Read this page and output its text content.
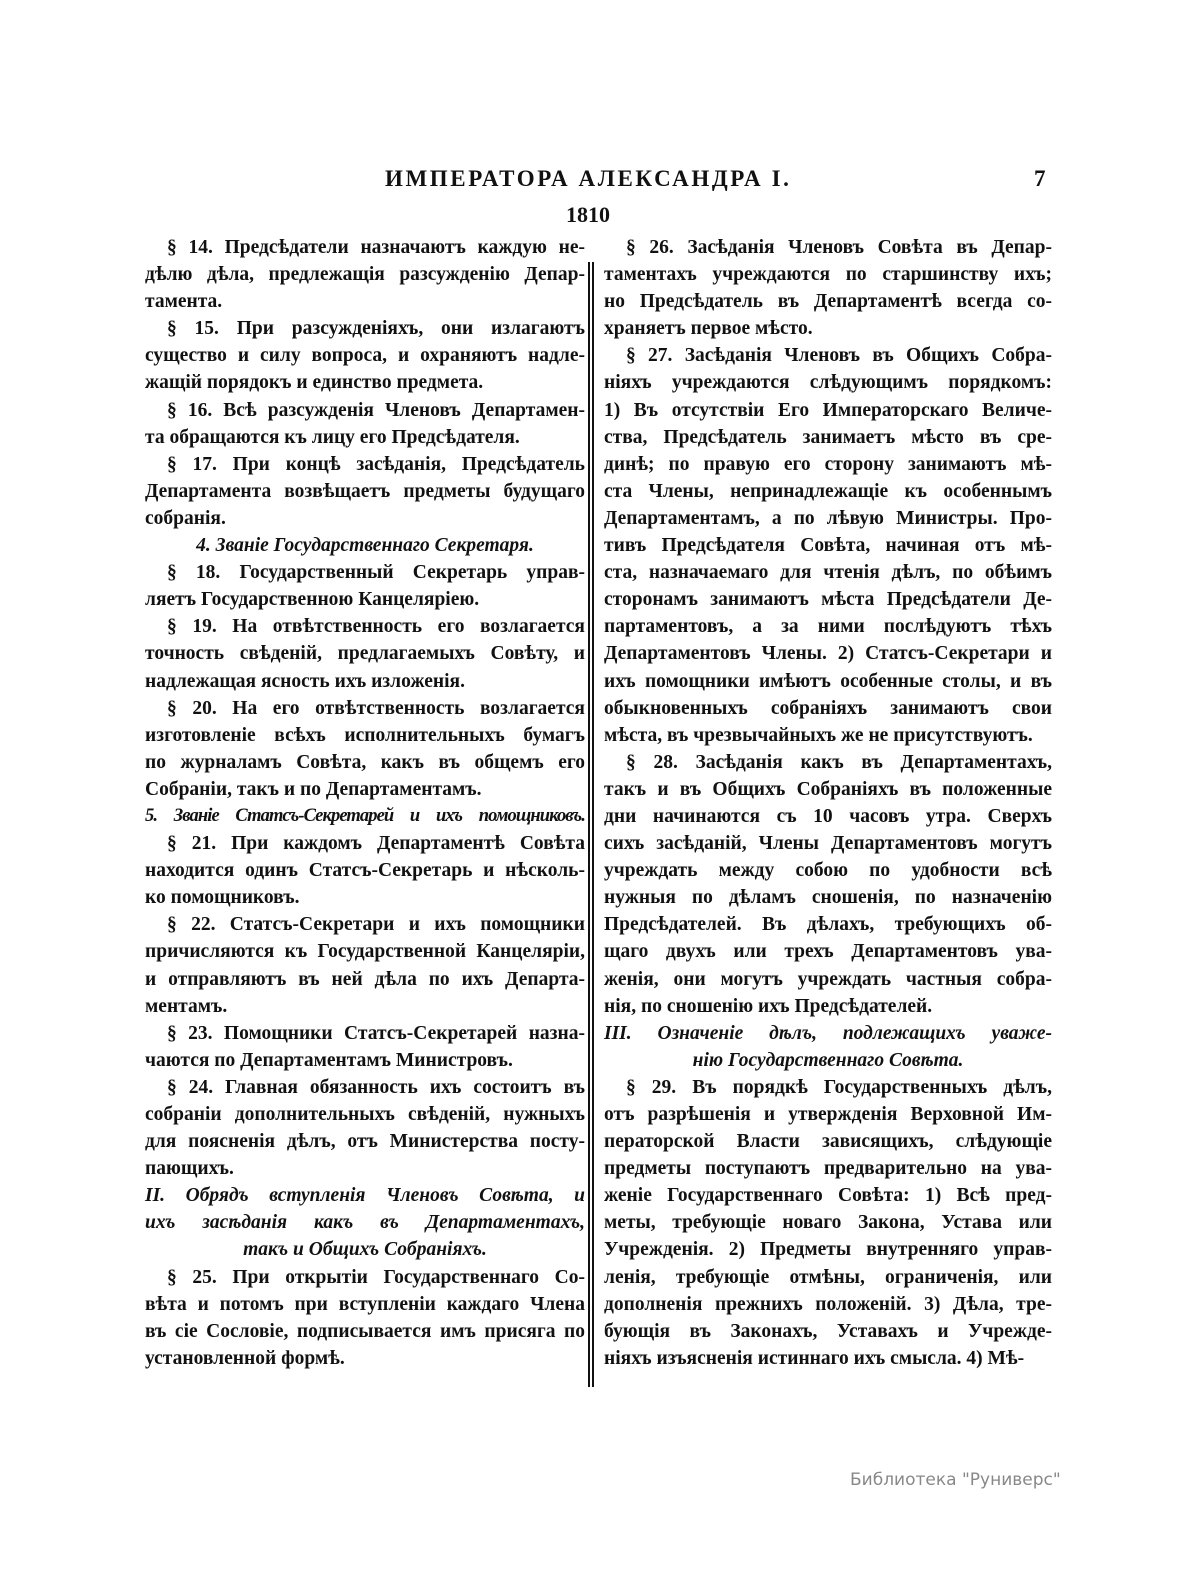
ИМПЕРАТОРА АЛЕКСАНДРА I.	7
1810
§ 14. Предсѣдатели назначаютъ каждую не-
дѣлю дѣла, предлежащія разсужденію Депар-
тамента.
§ 15. При разсужденіяхъ, они излагаютъ
существо и силу вопроса, и охраняютъ надле-
жащій порядокъ и единство предмета.
§ 16. Всѣ разсужденія Членовъ Департамен-
та обращаются къ лицу его Предсѣдателя.
§ 17. При концѣ засѣданія, Предсѣдатель
Департамента возвѣщаетъ предметы будущаго
собранія.
4. Званіе Государственнаго Секретаря.
§ 18. Государственный Секретарь управ-
ляетъ Государственною Канцеляріею.
§ 19. На отвѣтственность его возлагается
точность свѣденій, предлагаемыхъ Совѣту, и
надлежащая ясность ихъ изложенія.
§ 20. На его отвѣтственность возлагается
изготовленіе всѣхъ исполнительныхъ бумагъ
по журналамъ Совѣта, какъ въ общемъ его
Собраніи, такъ и по Департаментамъ.
5. Званіе Статсъ-Секретарей и ихъ помощниковъ.
§ 21. При каждомъ Департаментѣ Совѣта
находится одинъ Статсъ-Секретарь и нѣсколь-
ко помощниковъ.
§ 22. Статсъ-Секретари и ихъ помощники
причисляются къ Государственной Канцеляріи,
и отправляютъ въ ней дѣла по ихъ Департа-
ментамъ.
§ 23. Помощники Статсъ-Секретарей назна-
чаются по Департаментамъ Министровъ.
§ 24. Главная обязанность ихъ состоитъ въ
собраніи дополнительныхъ свѣденій, нужныхъ
для поясненія дѣлъ, отъ Министерства посту-
пающихъ.
II. Обрядъ вступленія Членовъ Совѣта, и
ихъ засѣданія какъ въ Департаментахъ,
такъ и Общихъ Собраніяхъ.
§ 25. При открытіи Государственнаго Со-
вѣта и потомъ при вступленіи каждаго Члена
въ сіе Сословіе, подписывается имъ присяга по
установленной формѣ.
§ 26. Засѣданія Членовъ Совѣта въ Депар-
таментахъ учреждаются по старшинству ихъ;
но Предсѣдатель въ Департаментѣ всегда со-
храняетъ первое мѣсто.
§ 27. Засѣданія Членовъ въ Общихъ Собра-
ніяхъ учреждаются слѣдующимъ порядкомъ:
1) Въ отсутствіи Его Императорскаго Величе-
ства, Предсѣдатель занимаетъ мѣсто въ сре-
динѣ; по правую его сторону занимаютъ мѣ-
ста Члены, непринадлежащіе къ особеннымъ
Департаментамъ, а по лѣвую Министры. Про-
тивъ Предсѣдателя Совѣта, начиная отъ мѣ-
ста, назначаемаго для чтенія дѣлъ, по обѣимъ
сторонамъ занимаютъ мѣста Предсѣдатели Де-
партаментовъ, а за ними послѣдуютъ тѣхъ
Департаментовъ Члены. 2) Статсъ-Секретари и
ихъ помощники имѣютъ особенные столы, и въ
обыкновенныхъ собраніяхъ занимаютъ свои
мѣста, въ чрезвычайныхъ же не присутствуютъ.
§ 28. Засѣданія какъ въ Департаментахъ,
такъ и въ Общихъ Собраніяхъ въ положенные
дни начинаются съ 10 часовъ утра. Сверхъ
сихъ засѣданій, Члены Департаментовъ могутъ
учреждать между собою по удобности всѣ
нужныя по дѣламъ сношенія, по назначенію
Предсѣдателей. Въ дѣлахъ, требующихъ об-
щаго двухъ или трехъ Департаментовъ ува-
женія, они могутъ учреждать частныя собра-
нія, по сношенію ихъ Предсѣдателей.
III. Означеніе дѣлъ, подлежащихъ уваже-
нію Государственнаго Совѣта.
§ 29. Въ порядкѣ Государственныхъ дѣлъ,
отъ разрѣшенія и утвержденія Верховной Им-
ператорской Власти зависящихъ, слѣдующіе
предметы поступаютъ предварительно на ува-
женіе Государственнаго Совѣта: 1) Всѣ пред-
меты, требующіе новаго Закона, Устава или
Учрежденія. 2) Предметы внутренняго управ-
ленія, требующіе отмѣны, ограниченія, или
дополненія прежнихъ положеній. 3) Дѣла, тре-
бующія въ Законахъ, Уставахъ и Учрежде-
ніяхъ изъясненія истиннаго ихъ смысла. 4) Мѣ-
Библиотека "Руниверс"
